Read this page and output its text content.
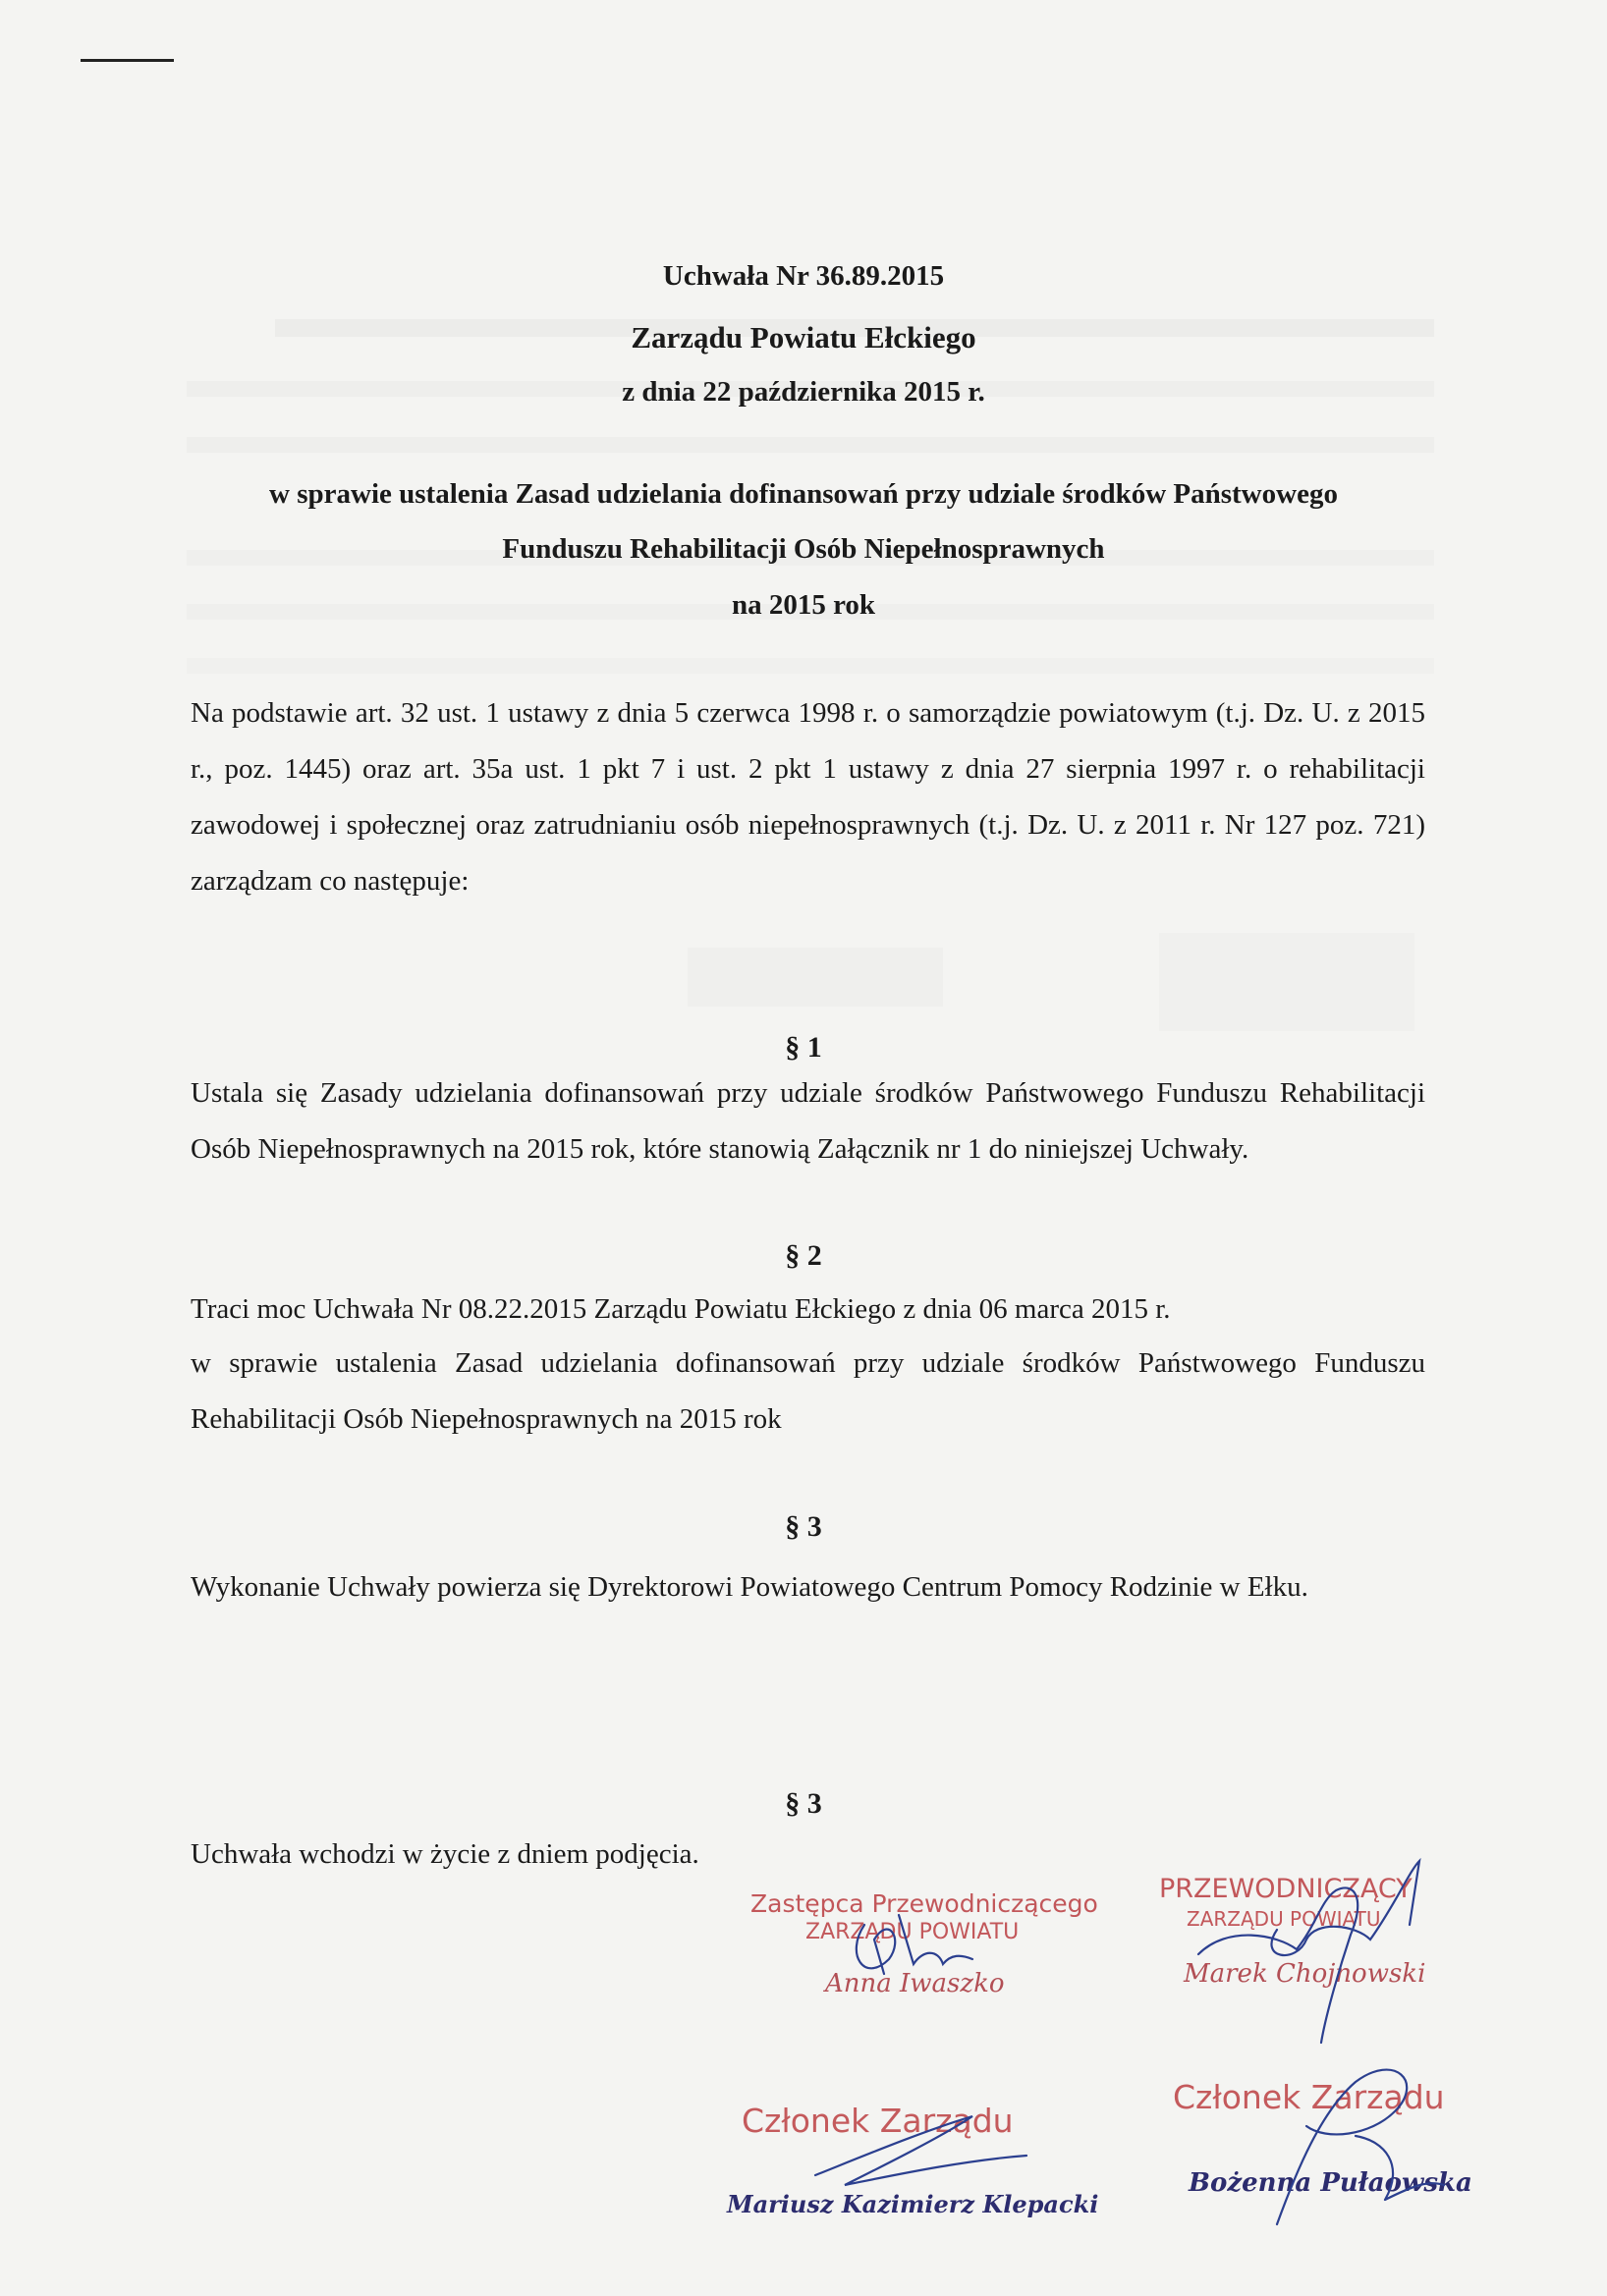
Uchwała Nr 36.89.2015
Zarządu Powiatu Ełckiego
z dnia 22 października 2015 r.
w sprawie ustalenia Zasad udzielania dofinansowań przy udziale środków Państwowego
Funduszu Rehabilitacji Osób Niepełnosprawnych
na 2015 rok
Na podstawie art. 32 ust. 1 ustawy z dnia 5 czerwca 1998 r. o samorządzie powiatowym (t.j. Dz. U. z 2015 r., poz. 1445) oraz art. 35a ust. 1 pkt 7 i ust. 2 pkt 1 ustawy z dnia 27 sierpnia 1997 r. o rehabilitacji zawodowej i społecznej oraz zatrudnianiu osób niepełnosprawnych (t.j. Dz. U. z 2011 r. Nr 127 poz. 721) zarządzam co następuje:
§ 1
Ustala się Zasady udzielania dofinansowań przy udziale środków Państwowego Funduszu Rehabilitacji Osób Niepełnosprawnych na 2015 rok, które stanowią Załącznik nr 1 do niniejszej Uchwały.
§ 2
Traci moc Uchwała Nr 08.22.2015 Zarządu Powiatu Ełckiego z dnia 06 marca 2015 r.
w sprawie ustalenia Zasad udzielania dofinansowań przy udziale środków Państwowego Funduszu Rehabilitacji Osób Niepełnosprawnych na 2015 rok
§ 3
Wykonanie Uchwały powierza się Dyrektorowi Powiatowego Centrum Pomocy Rodzinie w Ełku.
§ 3
Uchwała wchodzi w życie z dniem podjęcia.
Zastępca Przewodniczącego
ZARZĄDU POWIATU
Anna Iwaszko
PRZEWODNICZĄCY
ZARZĄDU POWIATU
Marek Chojnowski
Członek Zarządu
Mariusz Kazimierz Klepacki
Członek Zarządu
Bożenna Pułaowska
